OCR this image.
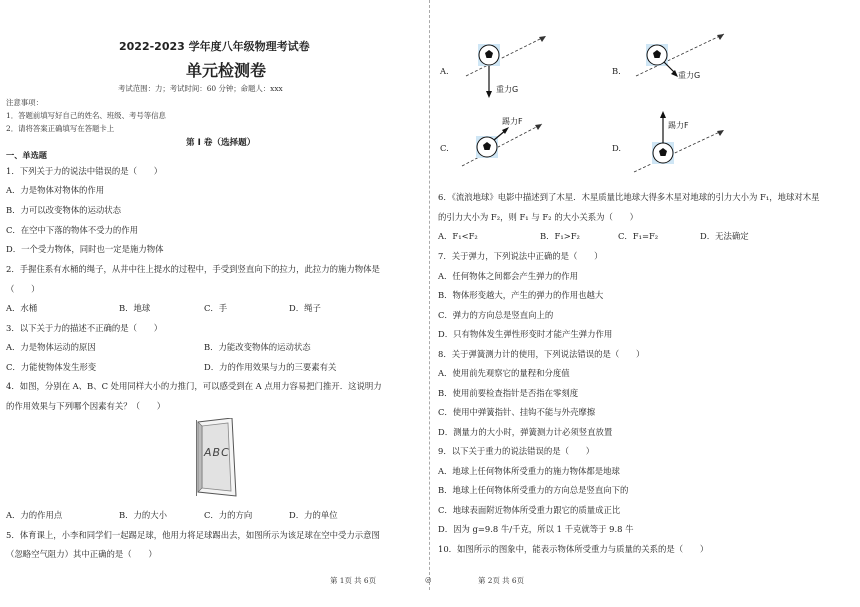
2022-2023 学年度八年级物理考试卷
单元检测卷
考试范围：力；考试时间：60 分钟；命题人：xxx
注意事项：
1．答题前填写好自己的姓名、班级、考号等信息
2．请将答案正确填写在答题卡上
第 I 卷（选择题）
一、单选题
1．下列关于力的说法中错误的是（　　）
A．力是物体对物体的作用
B．力可以改变物体的运动状态
C．在空中下落的物体不受力的作用
D．一个受力物体，同时也一定是施力物体
2．手握住系有水桶的绳子，从井中往上提水的过程中，手受到竖直向下的拉力，此拉力的施力物体是
（　　）
A．水桶	B．地球	C．手	D．绳子
3．以下关于力的描述不正确的是（　　）
A．力是物体运动的原因	B．力能改变物体的运动状态
C．力能使物体发生形变	D．力的作用效果与力的三要素有关
4．如图，分别在 A、B、C 处用同样大小的力推门，可以感受到在 A 点用力容易把门推开．这说明力
的作用效果与下列哪个因素有关？（　　）
ABC
A．力的作用点	B．力的大小	C．力的方向	D．力的单位
5．体育课上，小李和同学们一起踢足球，他用力将足球踢出去，如图所示为该足球在空中受力示意图
（忽略空气阻力）其中正确的是（　　）
A.
重力G
B.	重力G
C.
踢力F
D.
踢力F
6．《流浪地球》电影中描述到了木星．木星质量比地球大得多木星对地球的引力大小为 F₁，地球对木星
的引力大小为 F₂，则 F₁ 与 F₂ 的大小关系为（　　）
A．F₁<F₂	B．F₁>F₂	C．F₁=F₂	D．无法确定
7．关于弹力，下列说法中正确的是（　　）
A．任何物体之间都会产生弹力的作用
B．物体形变越大，产生的弹力的作用也越大
C．弹力的方向总是竖直向上的
D．只有物体发生弹性形变时才能产生弹力作用
8．关于弹簧测力计的使用，下列说法错误的是（　　）
A．使用前先观察它的量程和分度值
B．使用前要检查指针是否指在零刻度
C．使用中弹簧指针、挂钩不能与外壳摩擦
D．测量力的大小时，弹簧测力计必须竖直放置
9．以下关于重力的说法错误的是（　　）
A．地球上任何物体所受重力的施力物体都是地球
B．地球上任何物体所受重力的方向总是竖直向下的
C．地球表面附近物体所受重力跟它的质量成正比
D．因为 g=9.8 牛/千克，所以 1 千克就等于 9.8 牛
10．如图所示的图象中，能表示物体所受重力与质量的关系的是（　　）
第 1页 共 6页	◎	第 2页 共 6页
